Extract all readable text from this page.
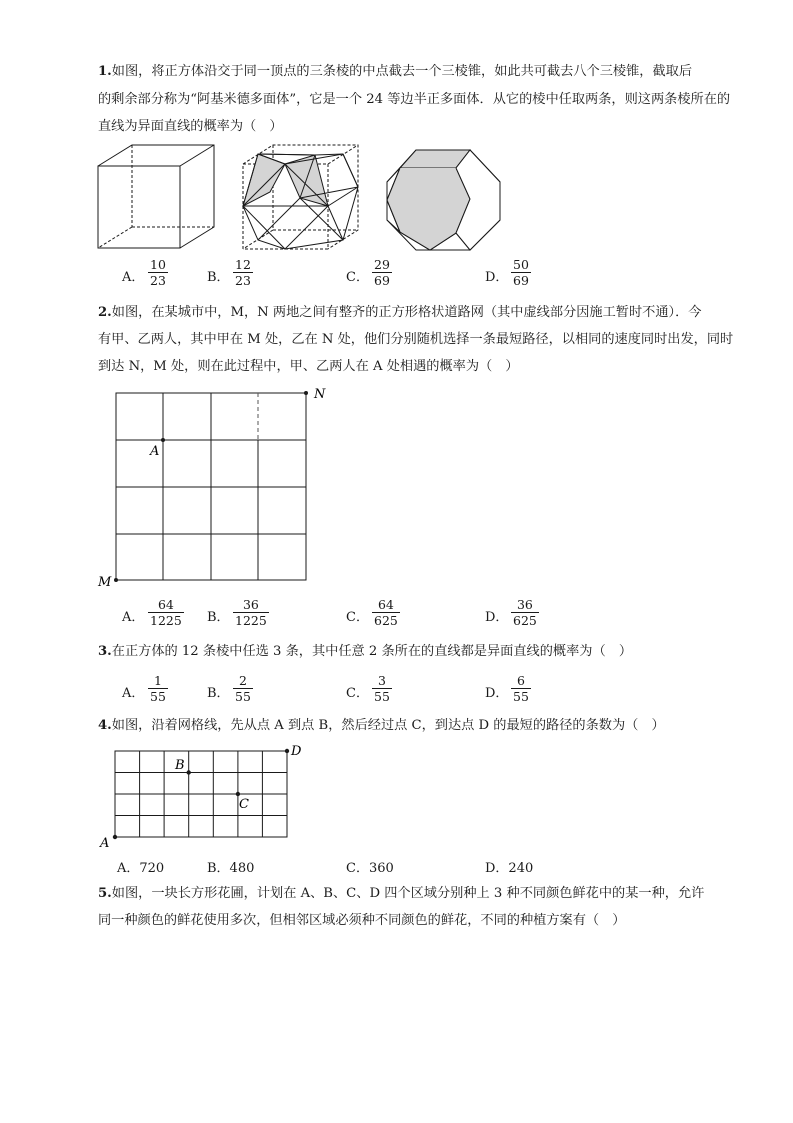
1.如图，将正方体沿交于同一顶点的三条棱的中点截去一个三棱锥，如此共可截去八个三棱锥，截取后
的剩余部分称为“阿基米德多面体”，它是一个 24 等边半正多面体．从它的棱中任取两条，则这两条棱所在的
直线为异面直线的概率为（　）
A． $\frac{10}{23}$	B． $\frac{12}{23}$	C． $\frac{29}{69}$	D． $\frac{50}{69}$
2.如图，在某城市中，M，N 两地之间有整齐的正方形格状道路网（其中虚线部分因施工暂时不通）．今
有甲、乙两人，其中甲在 M 处，乙在 N 处，他们分别随机选择一条最短路径，以相同的速度同时出发，同时
到达 N，M 处，则在此过程中，甲、乙两人在 A 处相遇的概率为（　）
N
M
A
A． $\frac{64}{1225}$ B． $\frac{36}{1225}$	C． $\frac{64}{625}$	D． $\frac{36}{625}$
3.在正方体的 12 条棱中任选 3 条，其中任意 2 条所在的直线都是异面直线的概率为（　）
A． $\frac{1}{55}$	B． $\frac{2}{55}$	C． $\frac{3}{55}$	D． $\frac{6}{55}$
4.如图，沿着网格线，先从点 A 到点 B，然后经过点 C，到达点 D 的最短的路径的条数为（　）
A
B
C
D
A．720	B．480	C．360	D．240
5.如图，一块长方形花圃，计划在 A、B、C、D 四个区域分别种上 3 种不同颜色鲜花中的某一种，允许
同一种颜色的鲜花使用多次，但相邻区域必须种不同颜色的鲜花，不同的种植方案有（　）
